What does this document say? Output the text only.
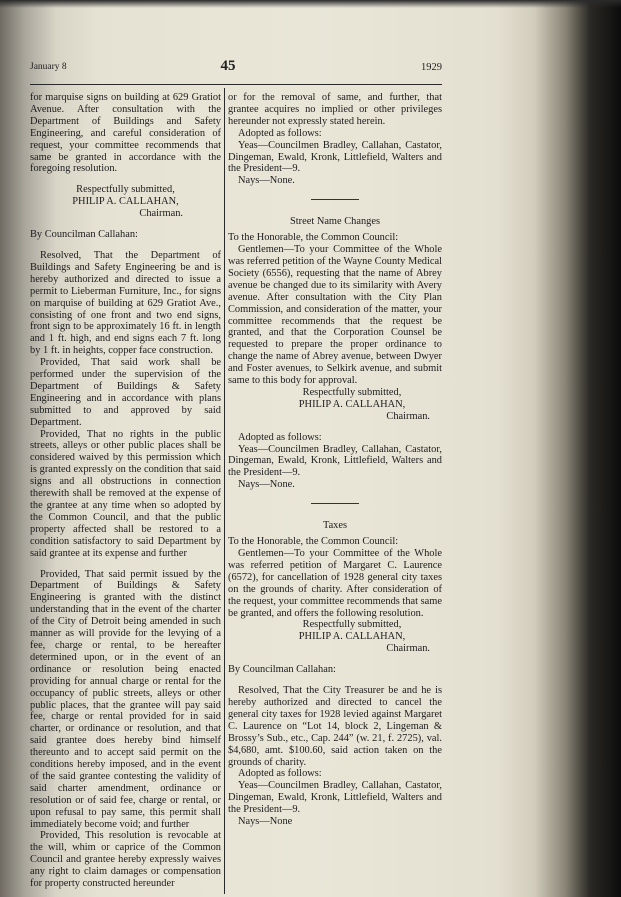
January 8	45	1929

for marquise signs on building at 629 Gratiot Avenue. After consultation with the Department of Buildings and Safety Engineering, and careful consideration of request, your committee recommends that same be granted in accordance with the foregoing resolution.

Respectfully submitted,

PHILIP A. CALLAHAN,

Chairman.

By Councilman Callahan:

Resolved, That the Department of Buildings and Safety Engineering be and is hereby authorized and directed to issue a permit to Lieberman Furniture, Inc., for signs on marquise of building at 629 Gratiot Ave., consisting of one front and two end signs, front sign to be approximately 16 ft. in length and 1 ft. high, and end signs each 7 ft. long by 1 ft. in heights, copper face construction.

Provided, That said work shall be performed under the supervision of the Department of Buildings & Safety Engineering and in accordance with plans submitted to and approved by said Department.

Provided, That no rights in the public streets, alleys or other public places shall be considered waived by this permission which is granted expressly on the condition that said signs and all obstructions in connection therewith shall be removed at the expense of the grantee at any time when so adopted by the Common Council, and that the public property affected shall be restored to a condition satisfactory to said Department by said grantee at its expense and further

Provided, That said permit issued by the Department of Buildings & Safety Engineering is granted with the distinct understanding that in the event of the charter of the City of Detroit being amended in such manner as will provide for the levying of a fee, charge or rental, to be hereafter determined upon, or in the event of an ordinance or resolution being enacted providing for annual charge or rental for the occupancy of public streets, alleys or other public places, that the grantee will pay said fee, charge or rental provided for in said charter, or ordinance or resolution, and that said grantee does hereby bind himself thereunto and to accept said permit on the conditions hereby imposed, and in the event of the said grantee contesting the validity of said charter amendment, ordinance or resolution or of said fee, charge or rental, or upon refusal to pay same, this permit shall immediately become void; and further

Provided, This resolution is revocable at the will, whim or caprice of the Common Council and grantee hereby expressly waives any right to claim damages or compensation for property constructed hereunder

or for the removal of same, and further, that grantee acquires no implied or other privileges hereunder not expressly stated herein.

Adopted as follows:

Yeas—Councilmen Bradley, Callahan, Castator, Dingeman, Ewald, Kronk, Littlefield, Walters and the President—9.

Nays—None.

Street Name Changes

To the Honorable, the Common Council:

Gentlemen—To your Committee of the Whole was referred petition of the Wayne County Medical Society (6556), requesting that the name of Abrey avenue be changed due to its similarity with Avery avenue. After consultation with the City Plan Commission, and consideration of the matter, your committee recommends that the request be granted, and that the Corporation Counsel be requested to prepare the proper ordinance to change the name of Abrey avenue, between Dwyer and Foster avenues, to Selkirk avenue, and submit same to this body for approval.

Respectfully submitted,

PHILIP A. CALLAHAN,

Chairman.

Adopted as follows:

Yeas—Councilmen Bradley, Callahan, Castator, Dingeman, Ewald, Kronk, Littlefield, Walters and the President—9.

Nays—None.

Taxes

To the Honorable, the Common Council:

Gentlemen—To your Committee of the Whole was referred petition of Margaret C. Laurence (6572), for cancellation of 1928 general city taxes on the grounds of charity. After consideration of the request, your committee recommends that same be granted, and offers the following resolution.

Respectfully submitted,

PHILIP A. CALLAHAN,

Chairman.

By Councilman Callahan:

Resolved, That the City Treasurer be and he is hereby authorized and directed to cancel the general city taxes for 1928 levied against Margaret C. Laurence on “Lot 14, block 2, Lingeman & Brossy’s Sub., etc., Cap. 244” (w. 21, f. 2725), val. $4,680, amt. $100.60, said action taken on the grounds of charity.

Adopted as follows:

Yeas—Councilmen Bradley, Callahan, Castator, Dingeman, Ewald, Kronk, Littlefield, Walters and the President—9.

Nays—None
